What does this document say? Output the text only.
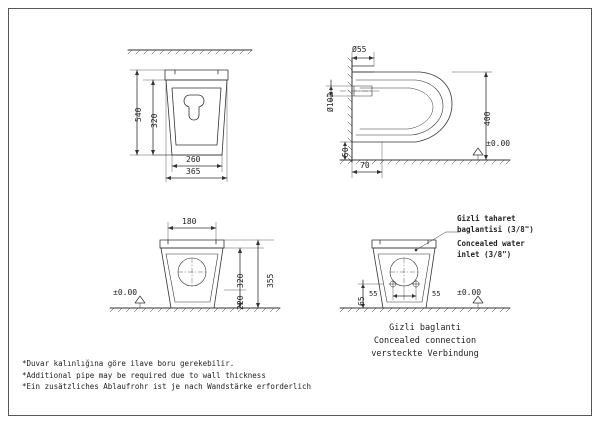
540 320
260
365
Ø55
Ø102
400
50
70
±0.00
180
320	355
220
±0.00
65
55	55 ±0.00
Gizli taharet
baglantisi (3/8")
Concealed water
inlet (3/8")
Gizli baglanti
Concealed connection
versteckte Verbindung
*Duvar kalınlığına göre ilave boru gerekebilir.
*Additional pipe may be required due to wall thickness
*Ein zusätzliches Ablaufrohr ist je nach Wandstärke erforderlich
